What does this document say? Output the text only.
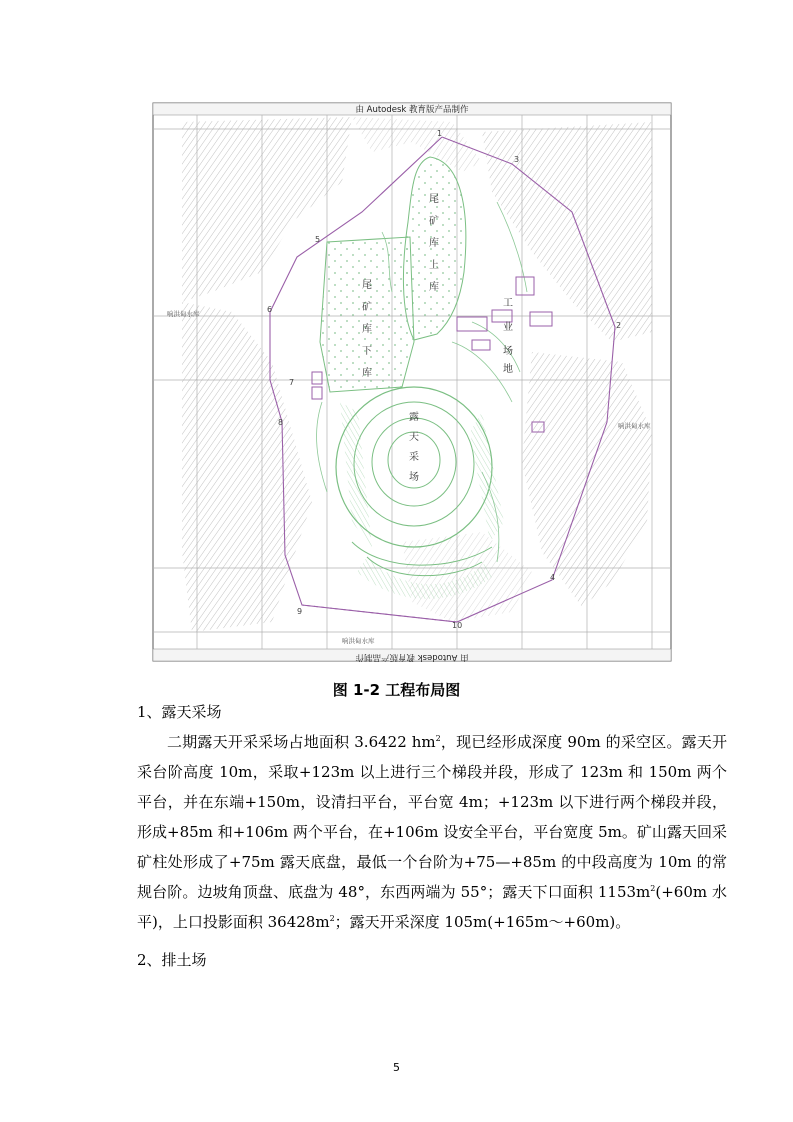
1
2
3
4
5
6
7
8
9
10
由 Autodesk 教育版产品制作
由 Autodesk 教育版产品制作
尾
矿
库
上
库
尾
矿
库
下
库
工
业
场
地
露
天
采
场
响洪甸水库
响洪甸水库
响洪甸水库
图 1-2 工程布局图
1、露天采场

二期露天开采采场占地面积 3.6422 $hm^2$，现已经形成深度 90m 的采空区。露天开采台阶高度 10m，采取+123m 以上进行三个梯段并段，形成了 123m 和 150m 两个平台，并在东端+150m，设清扫平台，平台宽 4m；+123m 以下进行两个梯段并段，形成+85m 和+106m 两个平台，在+106m 设安全平台，平台宽度 5m。矿山露天回采矿柱处形成了+75m 露天底盘，最低一个台阶为+75—+85m 的中段高度为 10m 的常规台阶。边坡角顶盘、底盘为 48°，东西两端为 55°；露天下口面积 $1153m^2(+60m$ 水平)，上口投影面积 $36428m^2$；露天开采深度 105m(+165m～+60m)。

2、排土场
5
